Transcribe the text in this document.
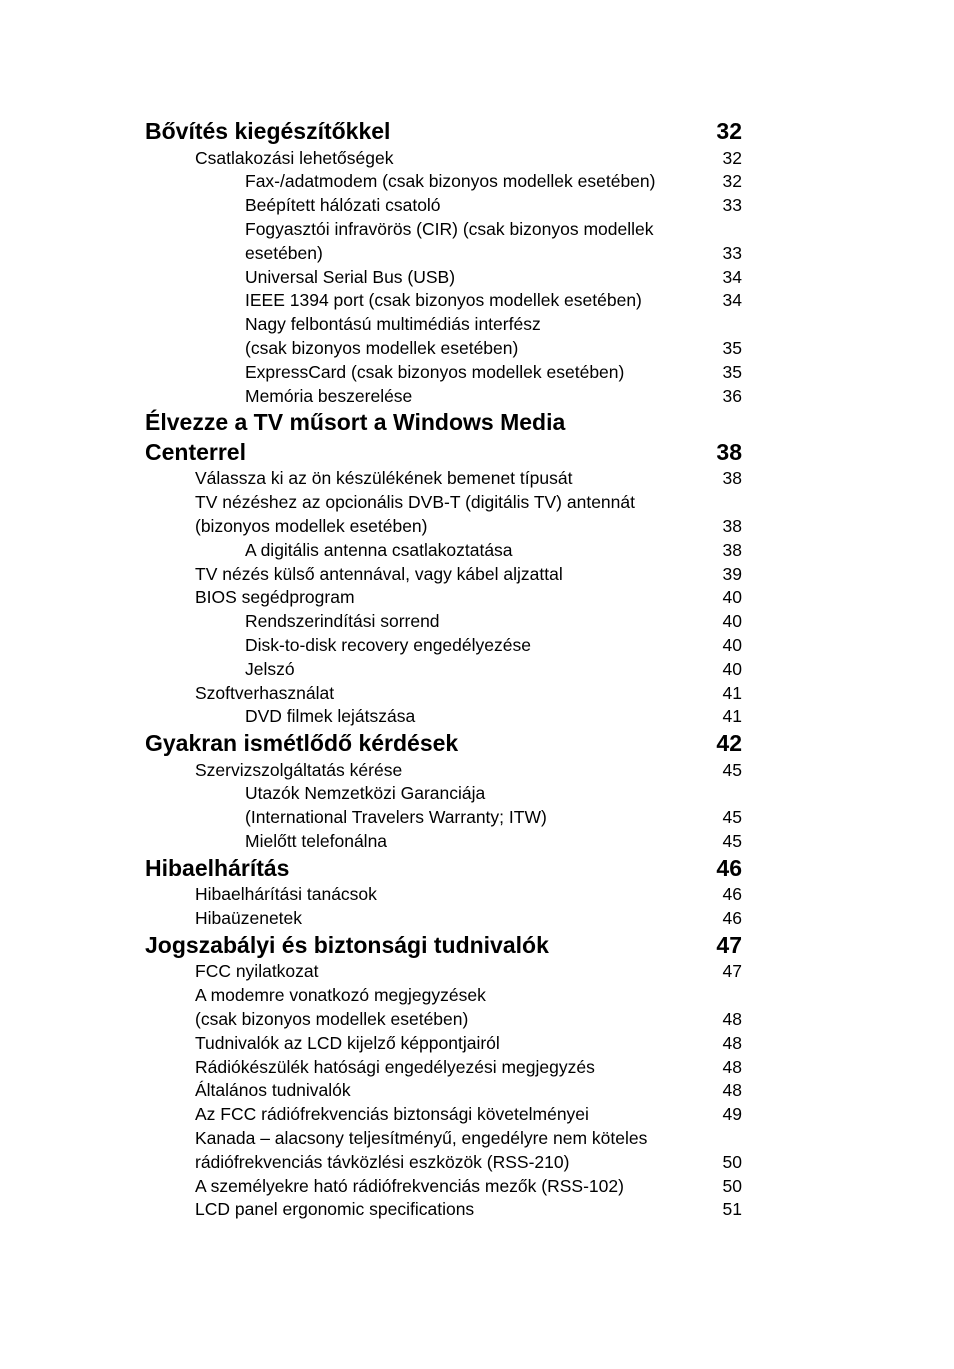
Bővítés kiegészítőkkel	32
Csatlakozási lehetőségek	32
Fax-/adatmodem (csak bizonyos modellek esetében)	32
Beépített hálózati csatoló	33
Fogyasztói infravörös (CIR) (csak bizonyos modellek
esetében)	33
Universal Serial Bus (USB)	34
IEEE 1394 port (csak bizonyos modellek esetében)	34
Nagy felbontású multimédiás interfész
(csak bizonyos modellek esetében)	35
ExpressCard (csak bizonyos modellek esetében)	35
Memória beszerelése	36
Élvezze a TV műsort a Windows Media
Centerrel	38
Válassza ki az ön készülékének bemenet típusát	38
TV nézéshez az opcionális DVB-T (digitális TV) antennát
(bizonyos modellek esetében)	38
A digitális antenna csatlakoztatása	38
TV nézés külső antennával, vagy kábel aljzattal	39
BIOS segédprogram	40
Rendszerindítási sorrend	40
Disk-to-disk recovery engedélyezése	40
Jelszó	40
Szoftverhasználat	41
DVD filmek lejátszása	41
Gyakran ismétlődő kérdések	42
Szervizszolgáltatás kérése	45
Utazók Nemzetközi Garanciája
(International Travelers Warranty; ITW)	45
Mielőtt telefonálna	45
Hibaelhárítás	46
Hibaelhárítási tanácsok	46
Hibaüzenetek	46
Jogszabályi és biztonsági tudnivalók	47
FCC nyilatkozat	47
A modemre vonatkozó megjegyzések
(csak bizonyos modellek esetében)	48
Tudnivalók az LCD kijelző képpontjairól	48
Rádiókészülék hatósági engedélyezési megjegyzés	48
Általános tudnivalók	48
Az FCC rádiófrekvenciás biztonsági követelményei	49
Kanada – alacsony teljesítményű, engedélyre nem köteles
rádiófrekvenciás távközlési eszközök (RSS-210)	50
A személyekre ható rádiófrekvenciás mezők (RSS-102)	50
LCD panel ergonomic specifications	51
